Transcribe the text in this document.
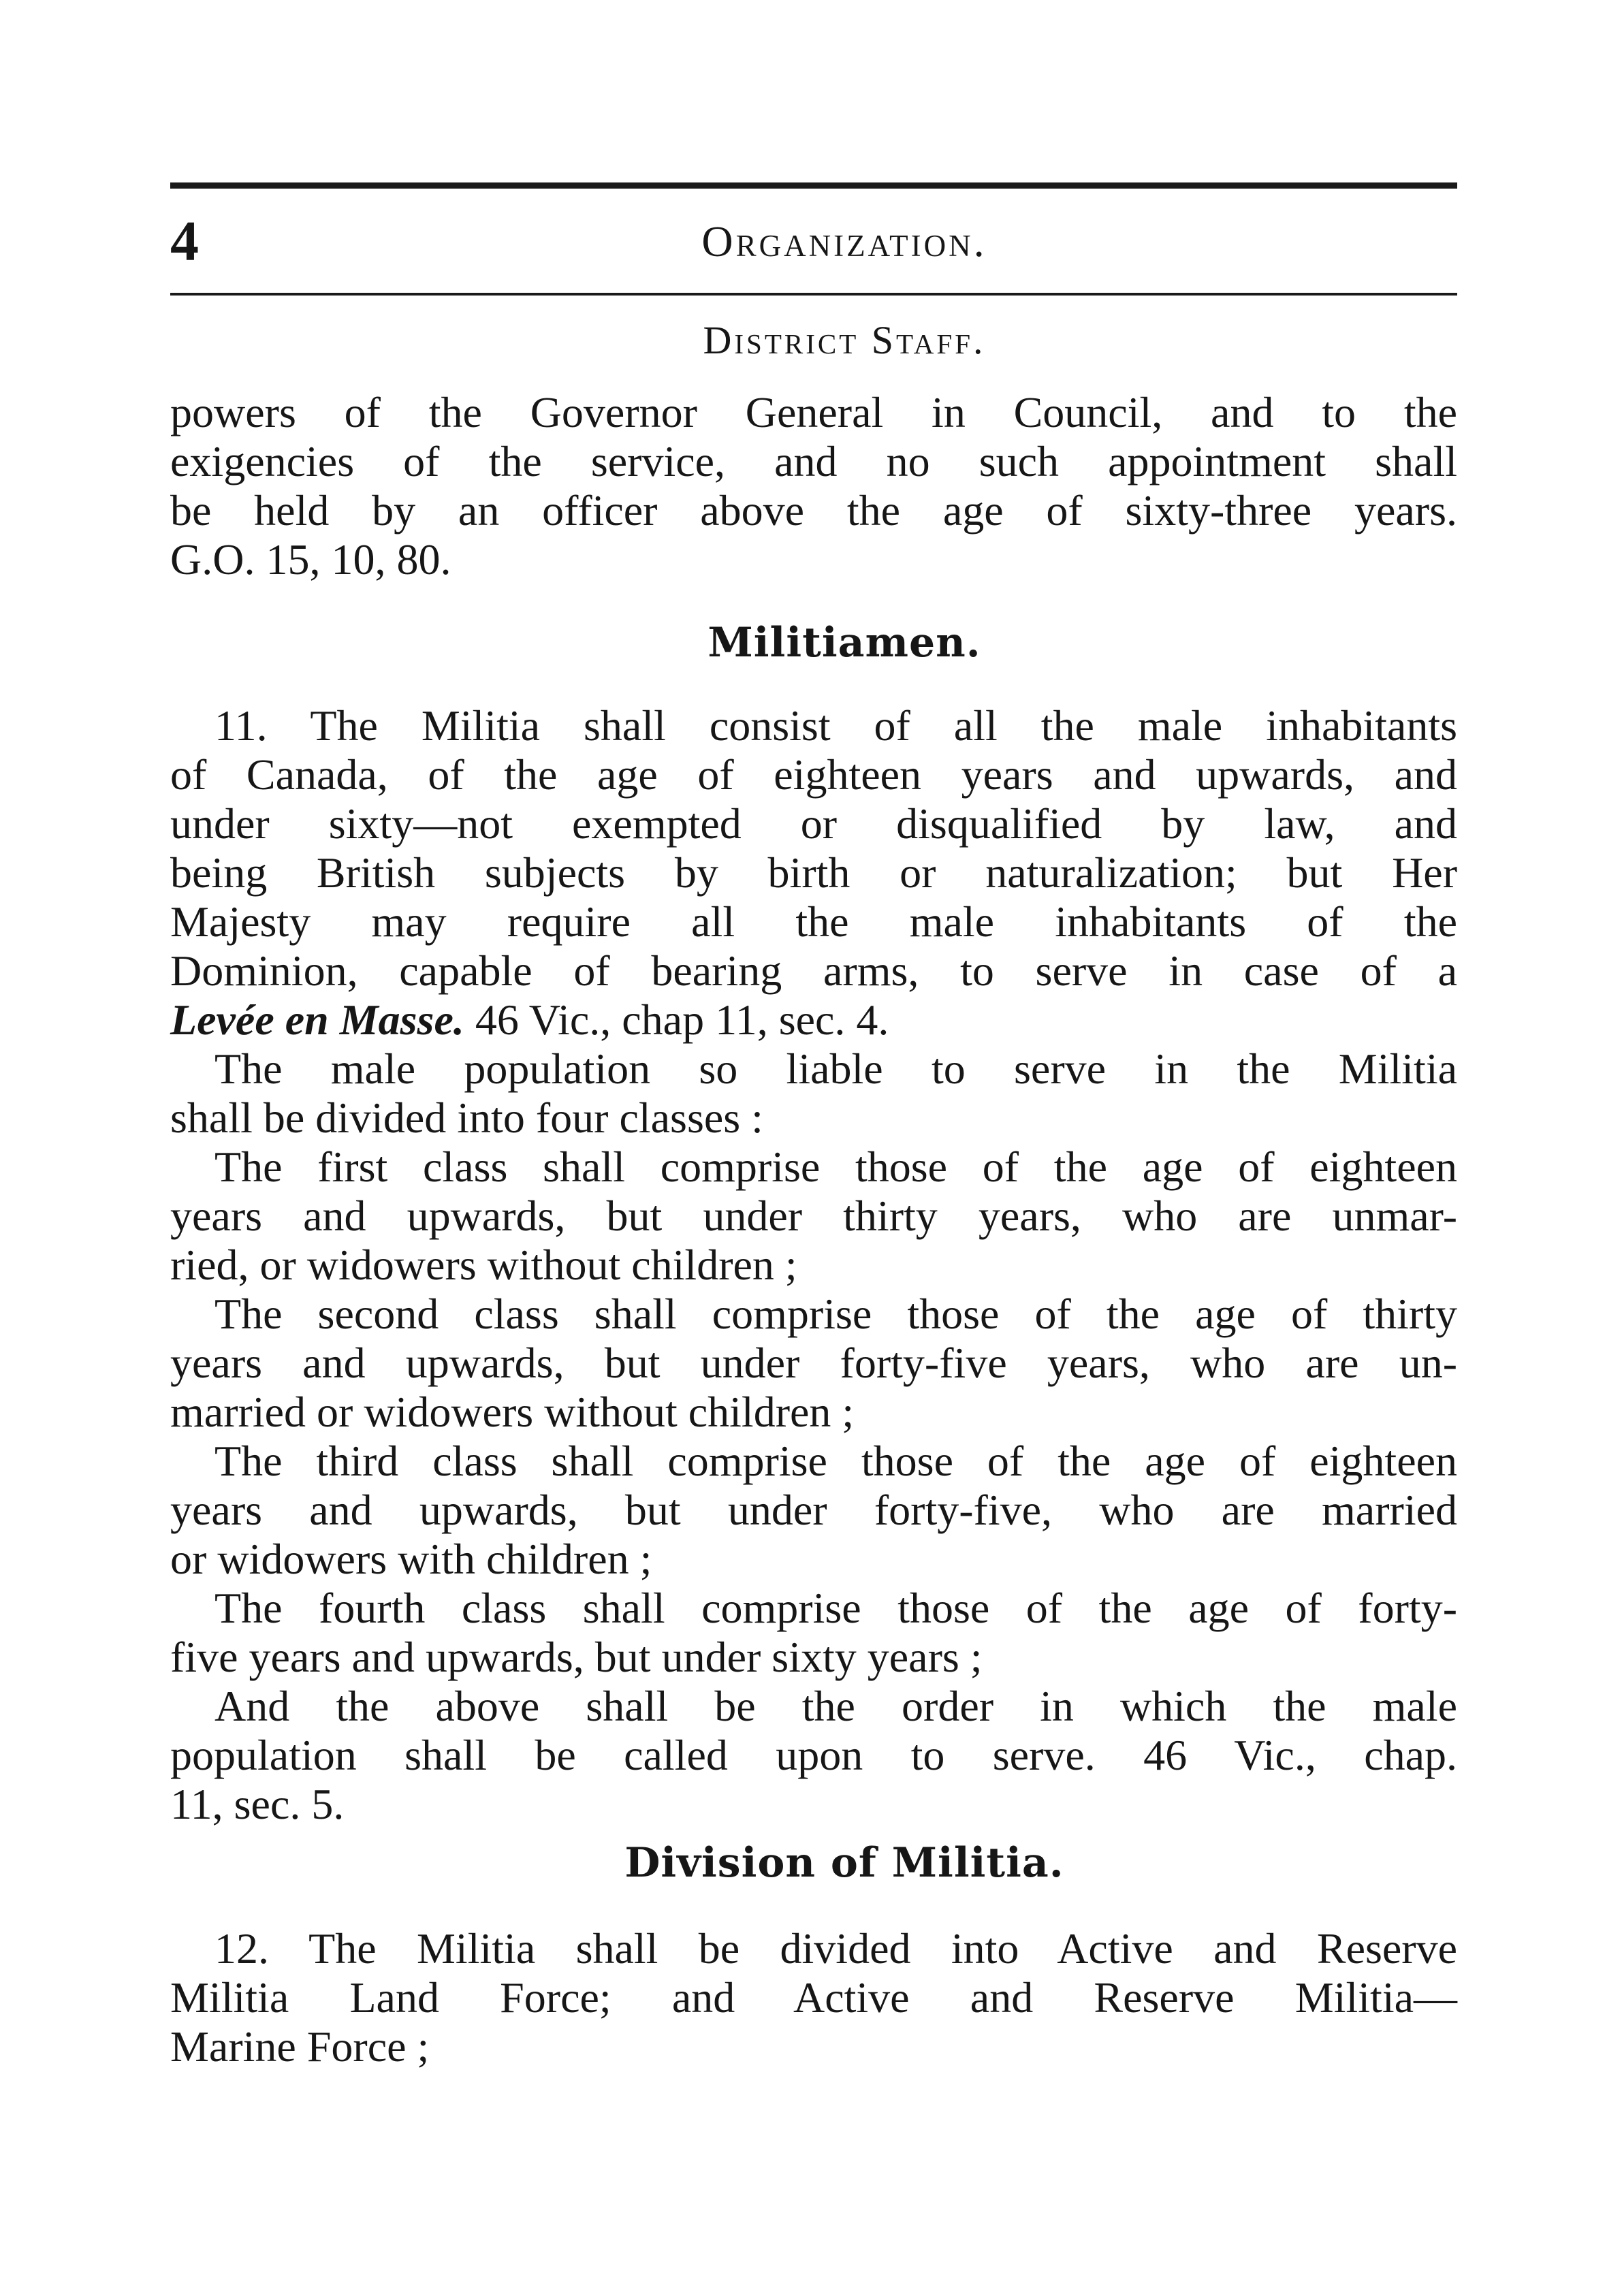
4	Organization.
District Staff.
powers of the Governor General in Council, and to the
exigencies of the service, and no such appointment shall
be held by an officer above the age of sixty-three years.
G.O. 15, 10, 80.
Militiamen.
11. The Militia shall consist of all the male inhabitants
of Canada, of the age of eighteen years and upwards, and
under sixty—not exempted or disqualified by law, and
being British subjects by birth or naturalization; but Her
Majesty may require all the male inhabitants of the
Dominion, capable of bearing arms, to serve in case of a
Levée en Masse. 46 Vic., chap 11, sec. 4.
The male population so liable to serve in the Militia
shall be divided into four classes :
The first class shall comprise those of the age of eighteen
years and upwards, but under thirty years, who are unmar-
ried, or widowers without children ;
The second class shall comprise those of the age of thirty
years and upwards, but under forty-five years, who are un-
married or widowers without children ;
The third class shall comprise those of the age of eighteen
years and upwards, but under forty-five, who are married
or widowers with children ;
The fourth class shall comprise those of the age of forty-
five years and upwards, but under sixty years ;
And the above shall be the order in which the male
population shall be called upon to serve. 46 Vic., chap.
11, sec. 5.
Division of Militia.
12. The Militia shall be divided into Active and Reserve
Militia Land Force; and Active and Reserve Militia—
Marine Force ;
